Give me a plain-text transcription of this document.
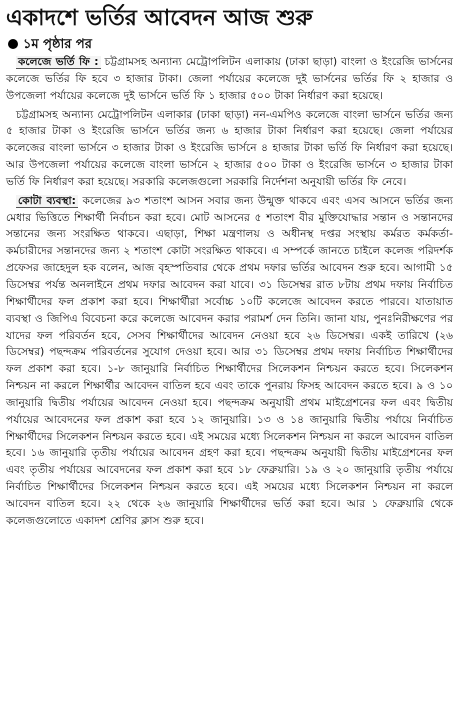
একাদশে ভর্তির আবেদন আজ শুরু
১ম পৃষ্ঠার পর

কলেজে ভর্তি ফি : চট্টগ্রামসহ অন্যান্য মেট্রোপলিটন এলাকায় (ঢাকা ছাড়া) বাংলা ও ইংরেজি ভার্সনের কলেজে ভর্তির ফি হবে ৩ হাজার টাকা। জেলা পর্যায়ের কলেজে দুই ভার্সনের ভর্তির ফি ২ হাজার ও উপজেলা পর্যায়ের কলেজে দুই ভার্সনে ভর্তি ফি ১ হাজার ৫০০ টাকা নির্ধারণ করা হয়েছে।

চট্টগ্রামসহ অন্যান্য মেট্রোপলিটন এলাকার (ঢাকা ছাড়া) নন-এমপিও কলেজে বাংলা ভার্সনে ভর্তির জন্য ৫ হাজার টাকা ও ইংরেজি ভার্সনে ভর্তির জন্য ৬ হাজার টাকা নির্ধারণ করা হয়েছে। জেলা পর্যায়ের কলেজের বাংলা ভার্সনে ৩ হাজার টাকা ও ইংরেজি ভার্সনে ৪ হাজার টাকা ভর্তি ফি নির্ধারণ করা হয়েছে। আর উপজেলা পর্যায়ের কলেজে বাংলা ভার্সনে ২ হাজার ৫০০ টাকা ও ইংরেজি ভার্সনে ৩ হাজার টাকা ভর্তি ফি নির্ধারণ করা হয়েছে। সরকারি কলেজগুলো সরকারি নির্দেশনা অনুযায়ী ভর্তির ফি নেবে।

কোটা ব্যবস্থা: কলেজের ৯৩ শতাংশ আসন সবার জন্য উন্মুক্ত থাকবে এবং এসব আসনে ভর্তির জন্য মেধার ভিত্তিতে শিক্ষার্থী নির্বাচন করা হবে। মোট আসনের ৫ শতাংশ বীর মুক্তিযোদ্ধার সন্তান ও সন্তানদের সন্তানের জন্য সংরক্ষিত থাকবে। এছাড়া, শিক্ষা মন্ত্রণালয় ও অধীনস্থ দপ্তর সংস্থায় কর্মরত কর্মকর্তা-কর্মচারীদের সন্তানদের জন্য ২ শতাংশ কোটা সংরক্ষিত থাকবে। এ সম্পর্কে জানতে চাইলে কলেজ পরিদর্শক প্রফেসর জাহেদুল হক বলেন, আজ বৃহস্পতিবার থেকে প্রথম দফার ভর্তির আবেদন শুরু হবে। আগামী ১৫ ডিসেম্বর পর্যন্ত অনলাইনে প্রথম দফার আবেদন করা যাবে। ৩১ ডিসেম্বর রাত ৮টায় প্রথম দফায় নির্বাচিত শিক্ষার্থীদের ফল প্রকাশ করা হবে। শিক্ষার্থীরা সর্বোচ্চ ১০টি কলেজে আবেদন করতে পারবে। যাতায়াত ব্যবস্থা ও জিপিএ বিবেচনা করে কলেজে আবেদন করার পরামর্শ দেন তিনি। জানা যায়, পুনঃনিরীক্ষণের পর যাদের ফল পরিবর্তন হবে, সেসব শিক্ষার্থীদের আবেদন নেওয়া হবে ২৬ ডিসেম্বর। একই তারিখে (২৬ ডিসেম্বর) পছন্দক্রম পরিবর্তনের সুযোগ দেওয়া হবে। আর ৩১ ডিসেম্বর প্রথম দফায় নির্বাচিত শিক্ষার্থীদের ফল প্রকাশ করা হবে। ১-৮ জানুয়ারি নির্বাচিত শিক্ষার্থীদের সিলেকশন নিশ্চয়ন করতে হবে। সিলেকশন নিশ্চয়ন না করলে শিক্ষার্থীর আবেদন বাতিল হবে এবং তাকে পুনরায় ফিসহ আবেদন করতে হবে। ৯ ও ১০ জানুয়ারি দ্বিতীয় পর্যায়ের আবেদন নেওয়া হবে। পছন্দক্রম অনুযায়ী প্রথম মাইগ্রেশনের ফল এবং দ্বিতীয় পর্যায়ের আবেদনের ফল প্রকাশ করা হবে ১২ জানুয়ারি। ১৩ ও ১৪ জানুয়ারি দ্বিতীয় পর্যায়ে নির্বাচিত শিক্ষার্থীদের সিলেকশন নিশ্চয়ন করতে হবে। এই সময়ের মধ্যে সিলেকশন নিশ্চয়ন না করলে আবেদন বাতিল হবে। ১৬ জানুয়ারি তৃতীয় পর্যায়ের আবেদন গ্রহণ করা হবে। পছন্দক্রম অনুযায়ী দ্বিতীয় মাইগ্রেশনের ফল এবং তৃতীয় পর্যায়ের আবেদনের ফল প্রকাশ করা হবে ১৮ ফেব্রুয়ারি। ১৯ ও ২০ জানুয়ারি তৃতীয় পর্যায়ে নির্বাচিত শিক্ষার্থীদের সিলেকশন নিশ্চয়ন করতে হবে। এই সময়ের মধ্যে সিলেকশন নিশ্চয়ন না করলে আবেদন বাতিল হবে। ২২ থেকে ২৬ জানুয়ারি শিক্ষার্থীদের ভর্তি করা হবে। আর ১ ফেব্রুয়ারি থেকে কলেজগুলোতে একাদশ শ্রেণির ক্লাস শুরু হবে।
